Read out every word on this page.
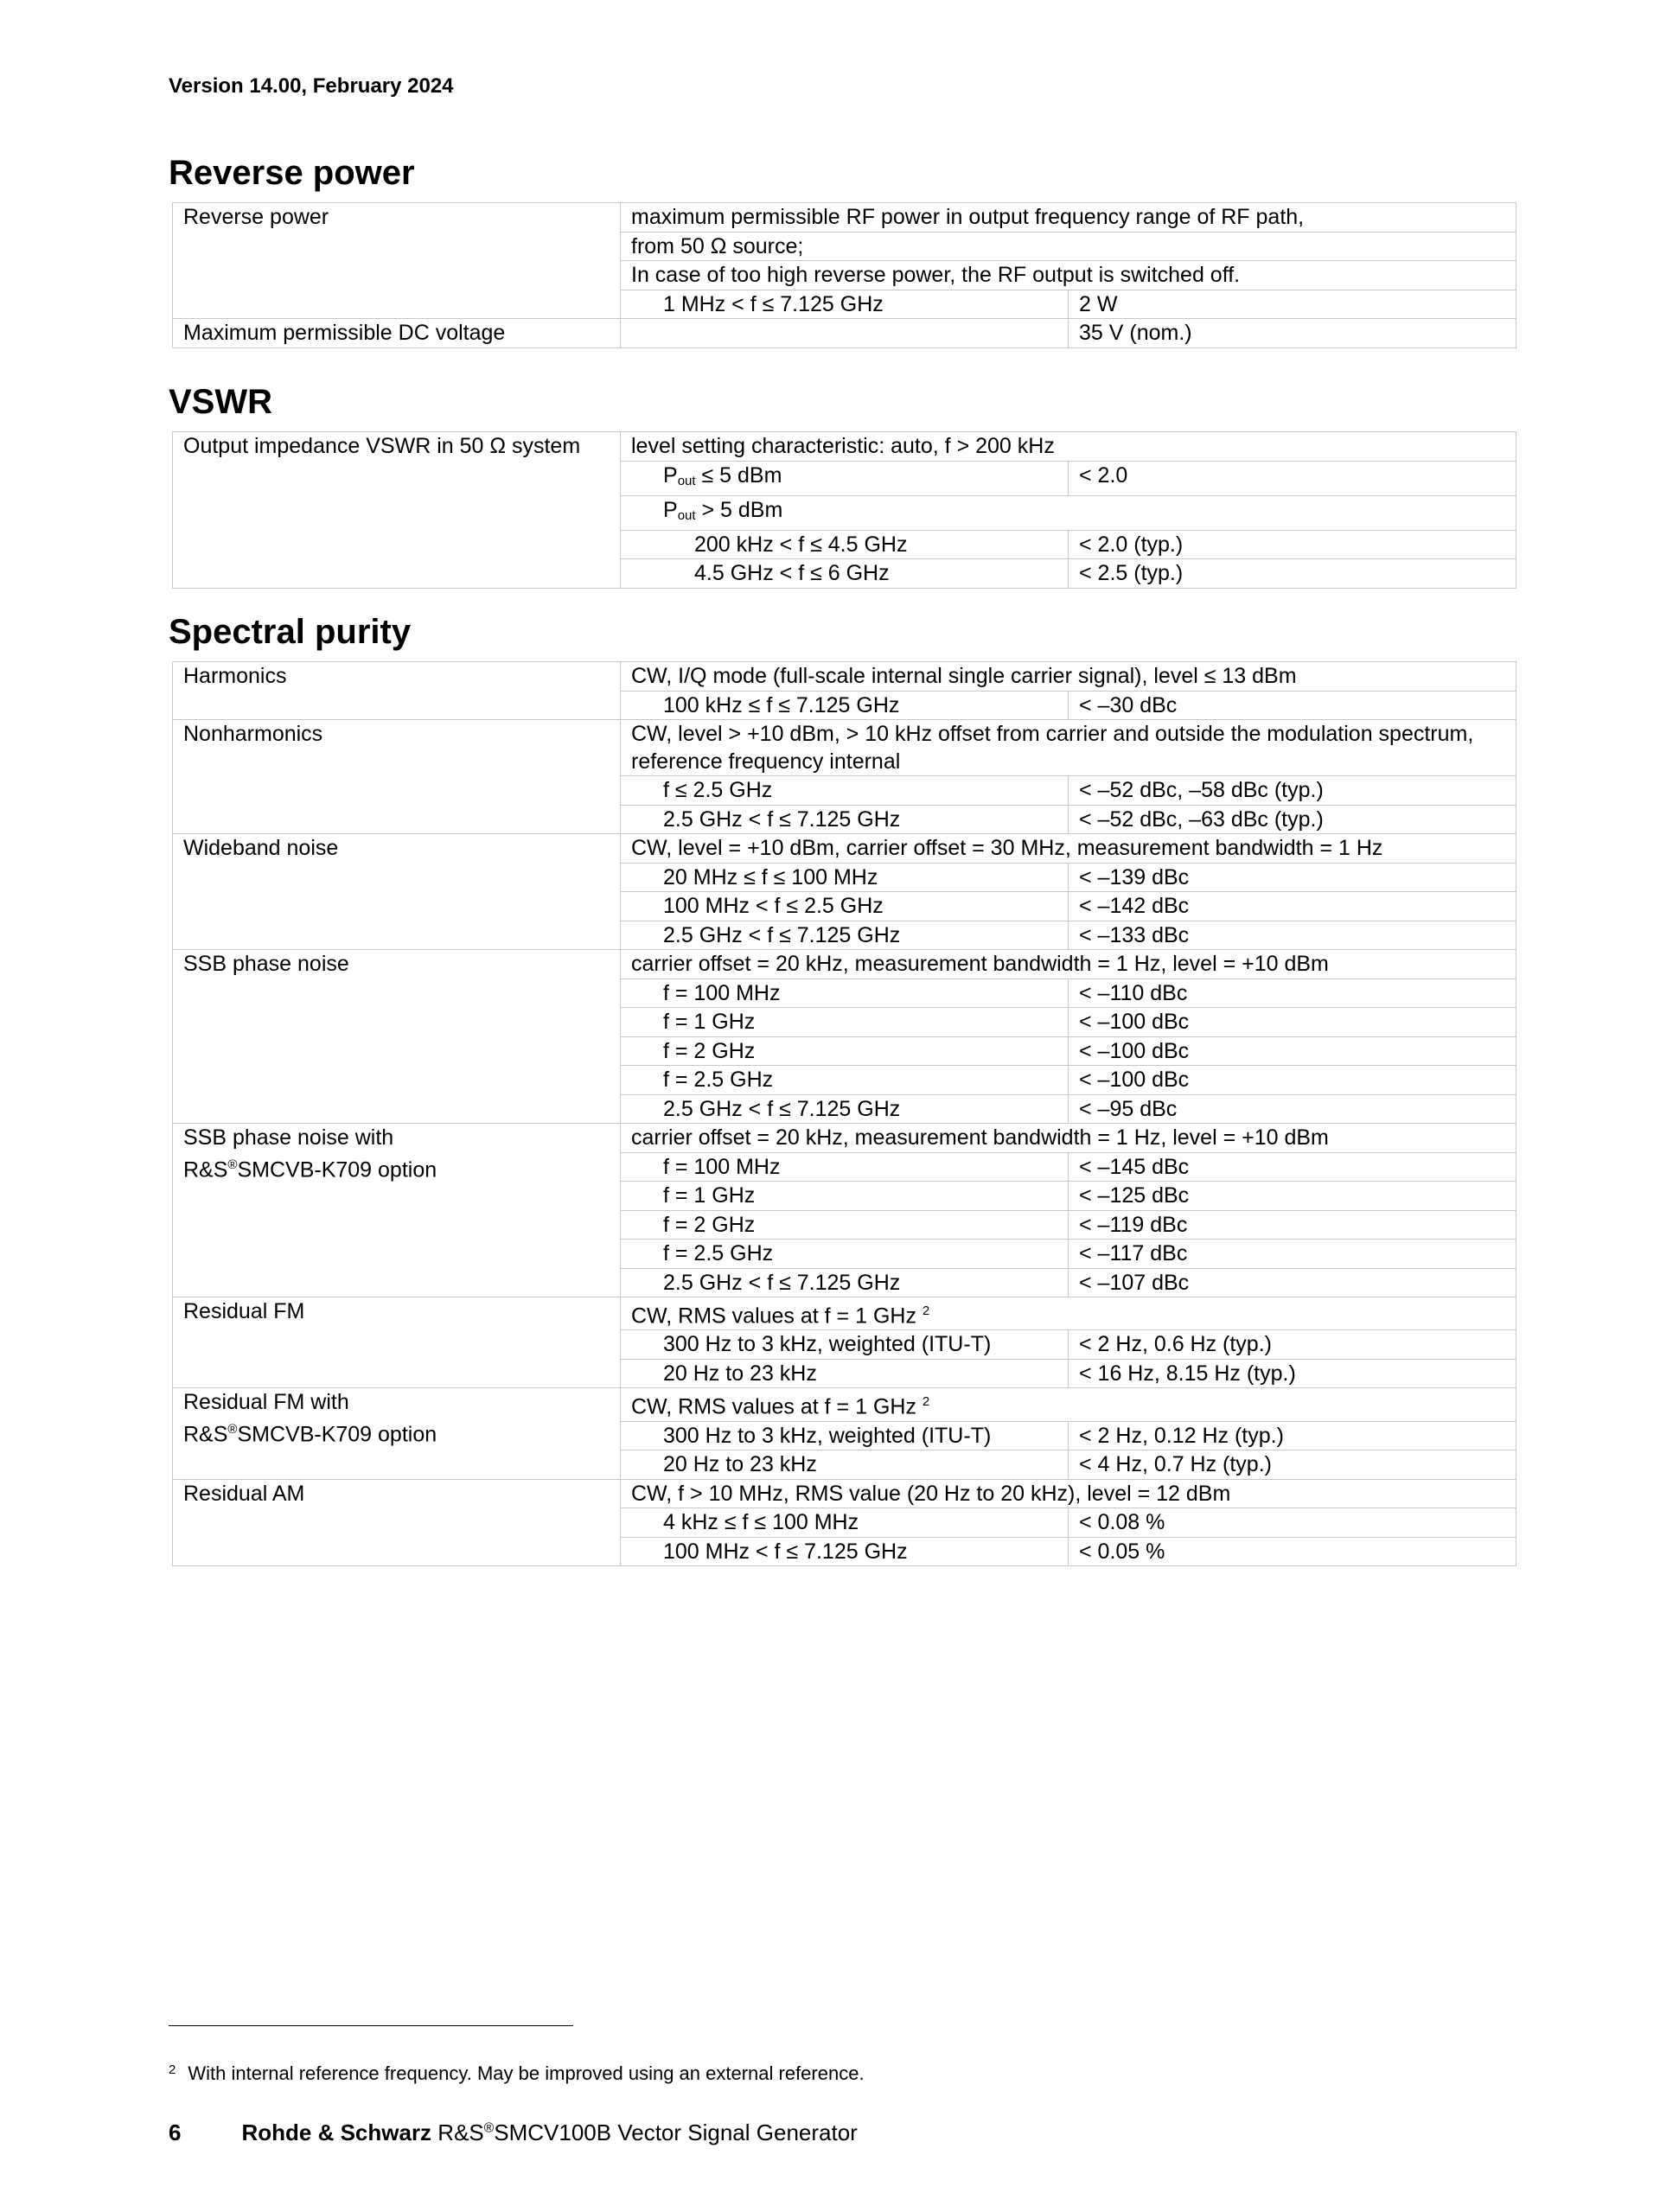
Version 14.00, February 2024
Reverse power
Reverse power	maximum permissible RF power in output frequency range of RF path,	
	from 50 Ω source;	
	In case of too high reverse power, the RF output is switched off.	
	1 MHz < f ≤ 7.125 GHz	2 W
Maximum permissible DC voltage		35 V (nom.)
VSWR
Output impedance VSWR in 50 Ω system	level setting characteristic: auto, f > 200 kHz	
	$P_{out} \le 5$ dBm	< 2.0
	$P_{out} > 5$ dBm	
	200 kHz < f ≤ 4.5 GHz	< 2.0 (typ.)
	4.5 GHz < f ≤ 6 GHz	< 2.5 (typ.)
Spectral purity
Harmonics	CW, I/Q mode (full-scale internal single carrier signal), level ≤ 13 dBm	
	100 kHz ≤ f ≤ 7.125 GHz	< –30 dBc
Nonharmonics	CW, level > +10 dBm, > 10 kHz offset from carrier and outside the modulation spectrum, reference frequency internal	
	f ≤ 2.5 GHz	< –52 dBc, –58 dBc (typ.)
	2.5 GHz < f ≤ 7.125 GHz	< –52 dBc, –63 dBc (typ.)
Wideband noise	CW, level = +10 dBm, carrier offset = 30 MHz, measurement bandwidth = 1 Hz	
	20 MHz ≤ f ≤ 100 MHz	< –139 dBc
	100 MHz < f ≤ 2.5 GHz	< –142 dBc
	2.5 GHz < f ≤ 7.125 GHz	< –133 dBc
SSB phase noise	carrier offset = 20 kHz, measurement bandwidth = 1 Hz, level = +10 dBm	
	f = 100 MHz	< –110 dBc
	f = 1 GHz	< –100 dBc
	f = 2 GHz	< –100 dBc
	f = 2.5 GHz	< –100 dBc
	2.5 GHz < f ≤ 7.125 GHz	< –95 dBc
SSB phase noise with
R&S®SMCVB-K709 option	carrier offset = 20 kHz, measurement bandwidth = 1 Hz, level = +10 dBm	
	f = 100 MHz	< –145 dBc
	f = 1 GHz	< –125 dBc
	f = 2 GHz	< –119 dBc
	f = 2.5 GHz	< –117 dBc
	2.5 GHz < f ≤ 7.125 GHz	< –107 dBc
Residual FM	CW, RMS values at f = 1 GHz $^2$
	300 Hz to 3 kHz, weighted (ITU-T)	< 2 Hz, 0.6 Hz (typ.)
	20 Hz to 23 kHz	< 16 Hz, 8.15 Hz (typ.)
Residual FM with
R&S®SMCVB-K709 option	CW, RMS values at f = 1 GHz $^2$
	300 Hz to 3 kHz, weighted (ITU-T)	< 2 Hz, 0.12 Hz (typ.)
	20 Hz to 23 kHz	< 4 Hz, 0.7 Hz (typ.)
Residual AM	CW, f > 10 MHz, RMS value (20 Hz to 20 kHz), level = 12 dBm	
	4 kHz ≤ f ≤ 100 MHz	< 0.08 %
	100 MHz < f ≤ 7.125 GHz	< 0.05 %
$^2$ With internal reference frequency. May be improved using an external reference.
6	Rohde & Schwarz R&S®SMCV100B Vector Signal Generator
